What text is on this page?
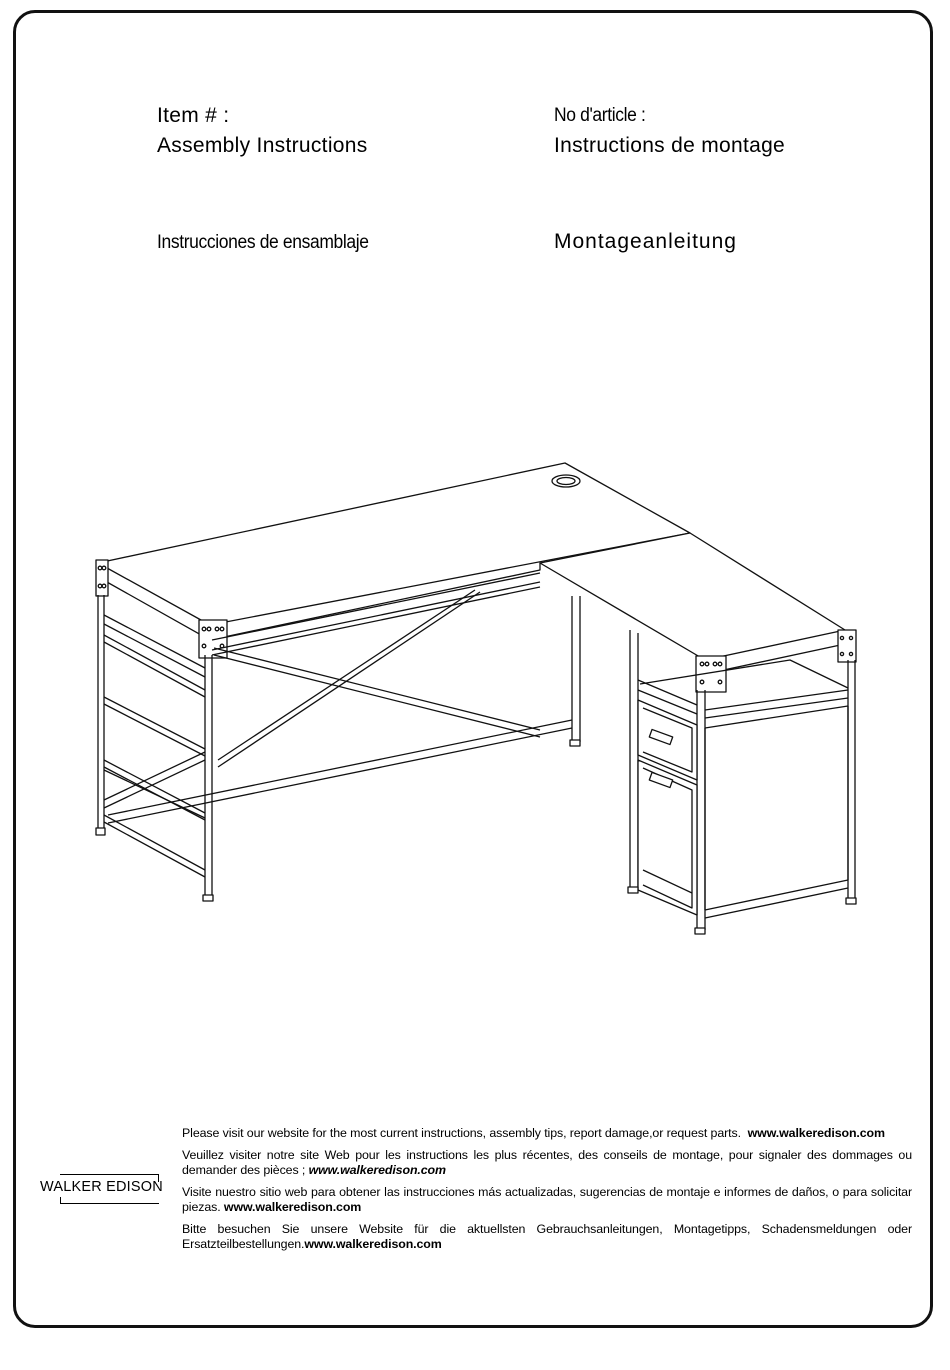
Item # :
Assembly Instructions
No d'article :
Instructions de montage
Instrucciones de ensamblaje	Montageanleitung

Please visit our website for the most current instructions, assembly tips, report damage,or request parts. www.walkeredison.com

Veuillez visiter notre site Web pour les instructions les plus récentes, des conseils de montage, pour signaler des dommages ou demander des pièces ; www.walkeredison.com

Visite nuestro sitio web para obtener las instrucciones más actualizadas, sugerencias de montaje e informes de daños, o para solicitar piezas. www.walkeredison.com

Bitte besuchen Sie unsere Website für die aktuellsten Gebrauchsanleitungen, Montagetipps, Schadensmeldungen oder Ersatzteilbestellungen.www.walkeredison.com

WALKER EDISON
